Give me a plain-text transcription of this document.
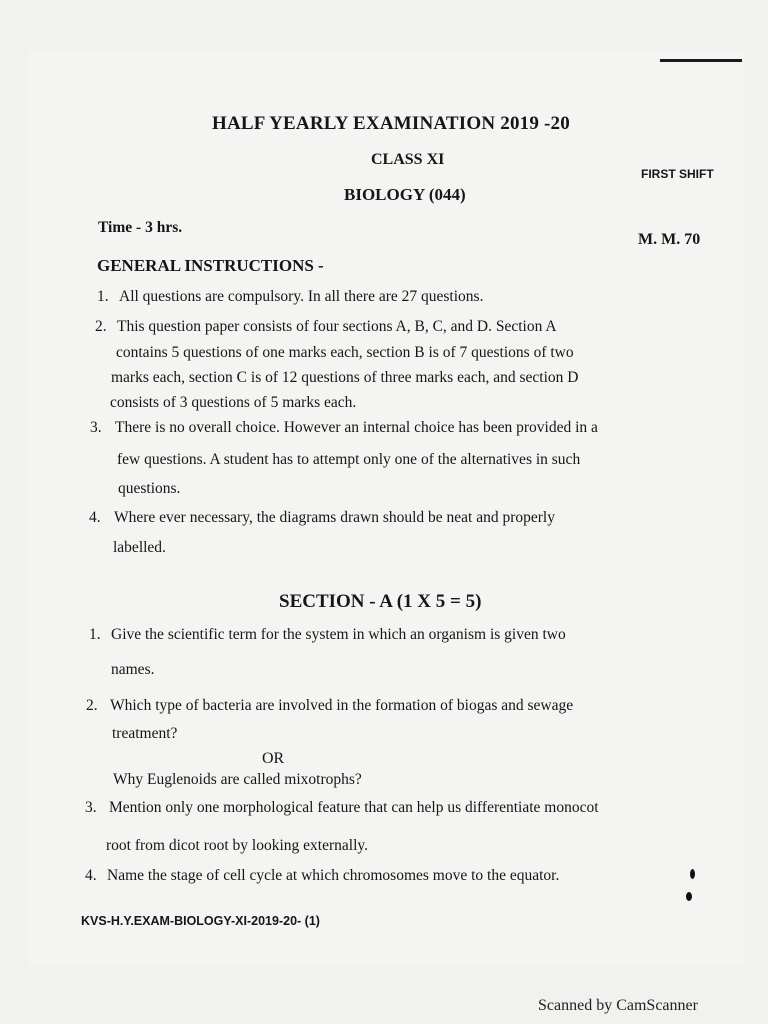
HALF YEARLY EXAMINATION 2019 -20
CLASS XI
BIOLOGY (044)
FIRST SHIFT
Time - 3 hrs.
M. M. 70
GENERAL INSTRUCTIONS -
1. All questions are compulsory. In all there are 27 questions.
2. This question paper consists of four sections A, B, C, and D. Section A
contains 5 questions of one marks each, section B is of 7 questions of two
marks each, section C is of 12 questions of three marks each, and section D
consists of 3 questions of 5 marks each.
3. There is no overall choice. However an internal choice has been provided in a
few questions. A student has to attempt only one of the alternatives in such
questions.
4. Where ever necessary, the diagrams drawn should be neat and properly
labelled.
SECTION - A (1 X 5 = 5)
1. Give the scientific term for the system in which an organism is given two
names.
2. Which type of bacteria are involved in the formation of biogas and sewage
treatment?
OR
Why Euglenoids are called mixotrophs?
3. Mention only one morphological feature that can help us differentiate monocot
root from dicot root by looking externally.
4. Name the stage of cell cycle at which chromosomes move to the equator.
KVS-H.Y.EXAM-BIOLOGY-XI-2019-20- (1)
Scanned by CamScanner
